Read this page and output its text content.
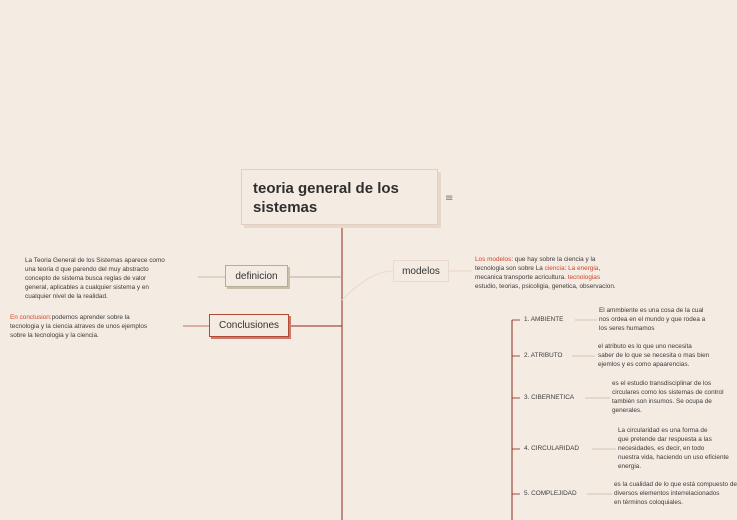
teoria general de los sistemas
≡
definicion
La Teoria General de los Sistemas aparece como
una teoria d que parendo del muy abstracto
concepto de sistema busca reglas de valor
general, aplicables a cualquier sistema y en
cualquier nivel de la realidad.
Conclusiones
En conclusion:podemos aprender sobre la
tecnologia y la ciencia atraves de unos ejemplos
sobre la tecnologia y la ciencia.
modelos
Los modelos: que hay sobre la ciencia y la
tecnologia son sobre La ciencia: La energia,
mecanica transporte acricultura. tecnologias
estudio, teorias, psicoligia, genetica, observacion.
1. AMBIENTE
El ammbiente es una cosa de la cual
nos ordea en el mundo y que rodea a
los seres humamos
2. ATRIBUTO
el atributo es lo que uno necesita
saber de lo que se necesita o mas bien
ejemlos y es como apaarencias.
3. CIBERNETICA
es el estudio transdisciplinar de los
circulares como los sistemas de control
también son insumos. Se ocupa de
generales.
4. CIRCULARIDAD
La circularidad es una forma de
que pretende dar respuesta a las
necesidades, es decir, en todo
nuestra vida, haciendo un uso eficiente
energia.
5. COMPLEJIDAD
es la cualidad de lo que está compuesto de
diversos elementos interrelacionados
en términos coloquiales.
